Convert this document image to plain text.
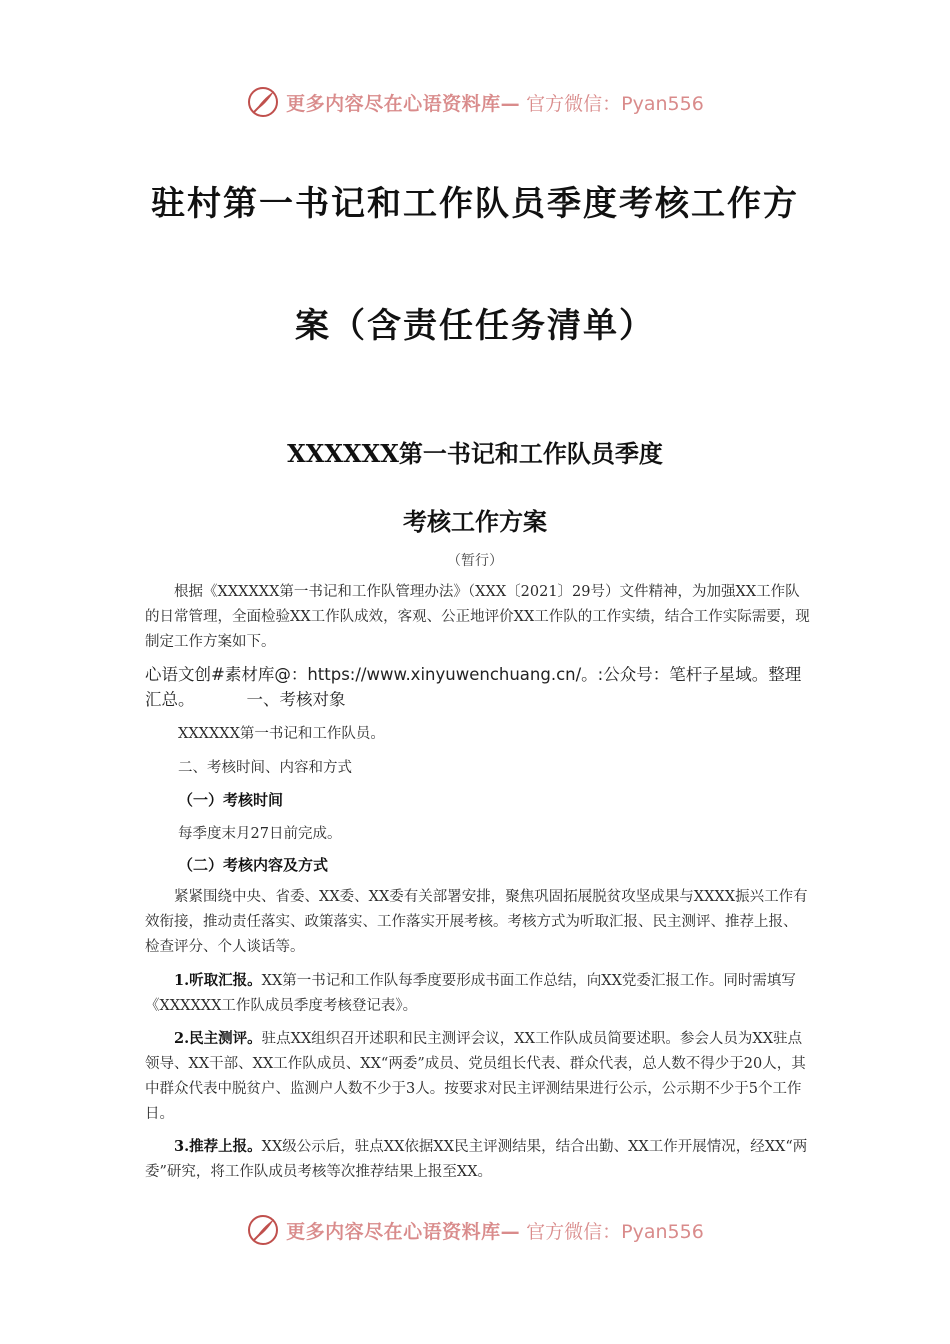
更多内容尽在心语资料库— 官方微信：Pyan556
驻村第一书记和工作队员季度考核工作方
案（含责任任务清单）
XXXXXX第一书记和工作队员季度
考核工作方案
（暂行）

根据《XXXXXX第一书记和工作队管理办法》（XXX〔2021〕29号）文件精神，为加强XX工作队的日常管理，全面检验XX工作队成效，客观、公正地评价XX工作队的工作实绩，结合工作实际需要，现制定工作方案如下。

心语文创#素材库@：https://www.xinyuwenchuang.cn/。:公众号：笔杆子星域。整理汇总。	一、考核对象
XXXXXX第一书记和工作队员。
二、考核时间、内容和方式
（一）考核时间
每季度末月27日前完成。
（二）考核内容及方式

紧紧围绕中央、省委、XX委、XX委有关部署安排，聚焦巩固拓展脱贫攻坚成果与XXXX振兴工作有效衔接，推动责任落实、政策落实、工作落实开展考核。考核方式为听取汇报、民主测评、推荐上报、检查评分、个人谈话等。

1.听取汇报。XX第一书记和工作队每季度要形成书面工作总结，向XX党委汇报工作。同时需填写《XXXXXX工作队成员季度考核登记表》。

2.民主测评。驻点XX组织召开述职和民主测评会议，XX工作队成员简要述职。参会人员为XX驻点领导、XX干部、XX工作队成员、XX“两委”成员、党员组长代表、群众代表，总人数不得少于20人，其中群众代表中脱贫户、监测户人数不少于3人。按要求对民主评测结果进行公示，公示期不少于5个工作日。

3.推荐上报。XX级公示后，驻点XX依据XX民主评测结果，结合出勤、XX工作开展情况，经XX“两委”研究，将工作队成员考核等次推荐结果上报至XX。

更多内容尽在心语资料库— 官方微信：Pyan556
